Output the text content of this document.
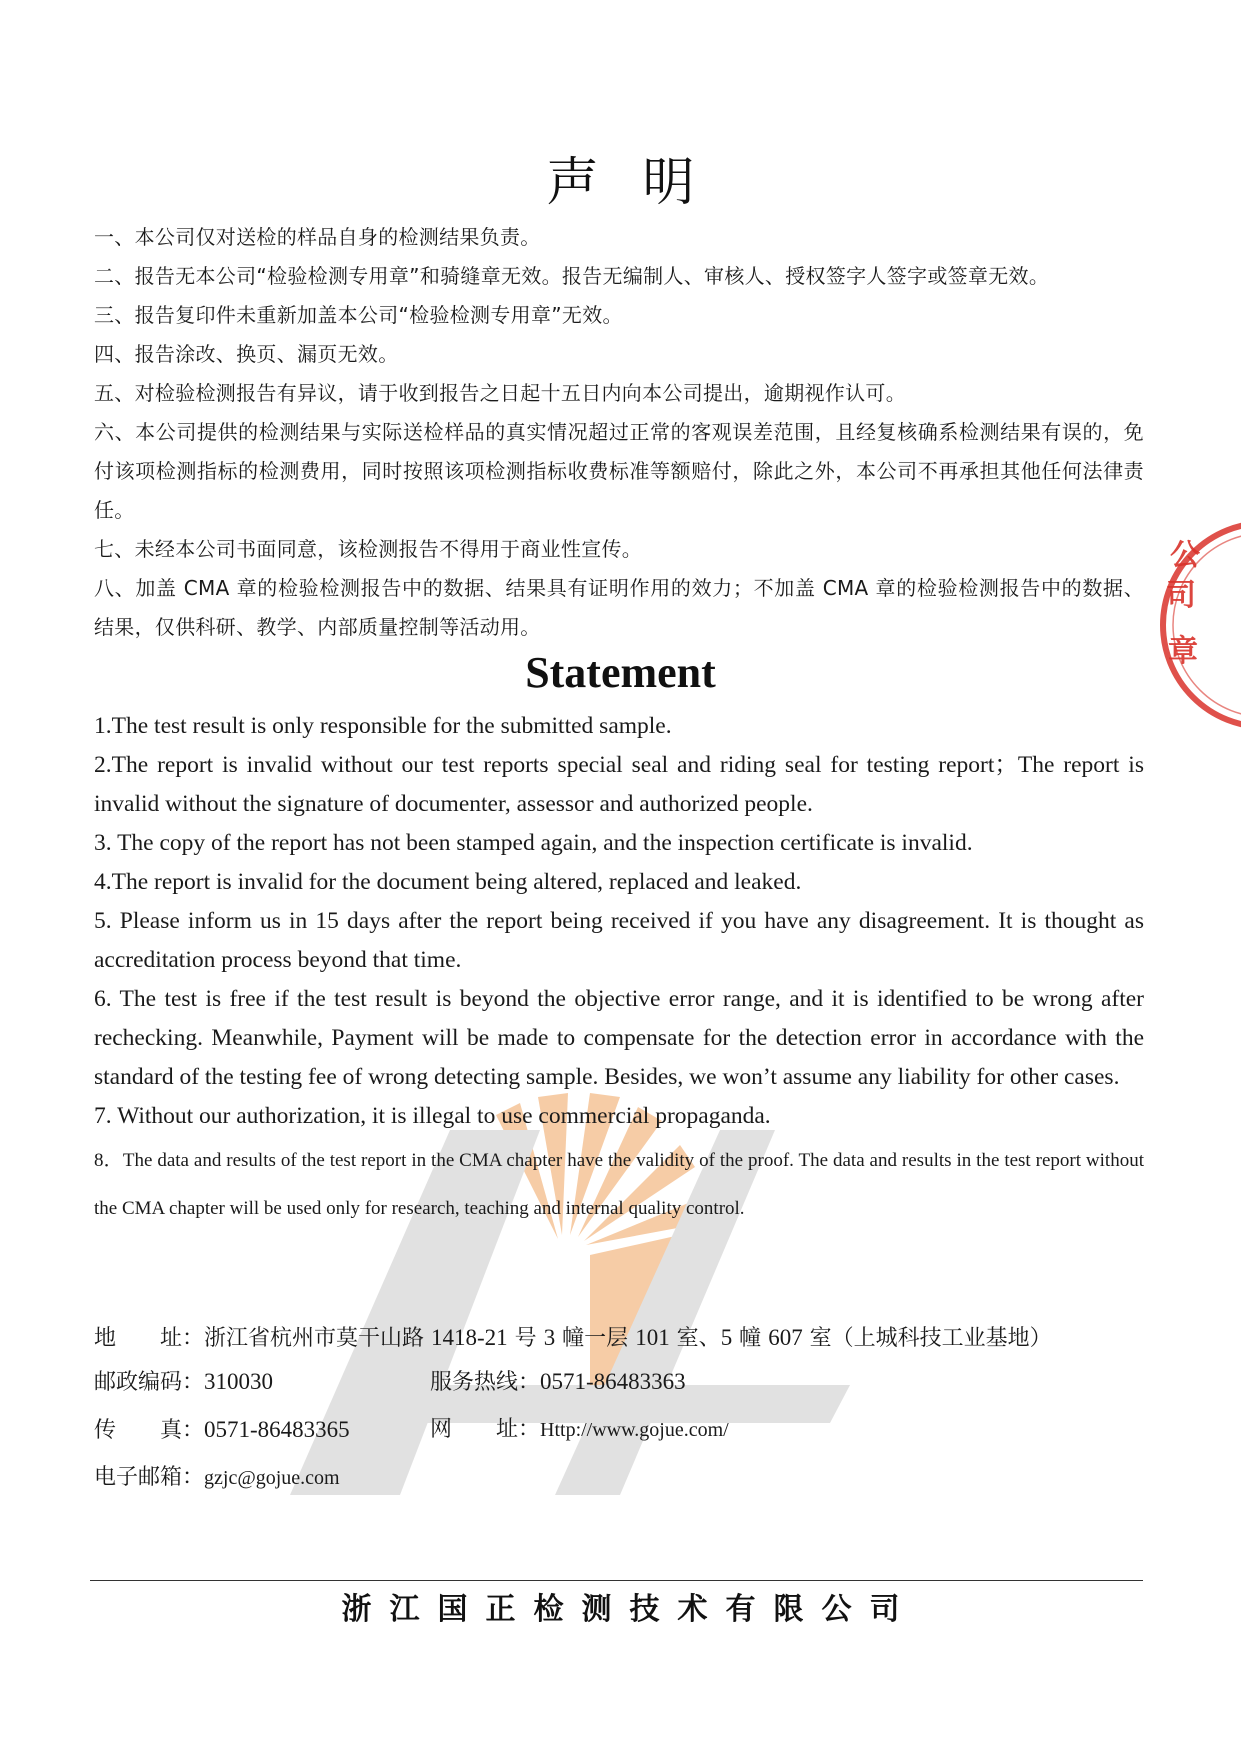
公 司 章
声明

一、本公司仅对送检的样品自身的检测结果负责。

二、报告无本公司“检验检测专用章”和骑缝章无效。报告无编制人、审核人、授权签字人签字或签章无效。

三、报告复印件未重新加盖本公司“检验检测专用章”无效。

四、报告涂改、换页、漏页无效。

五、对检验检测报告有异议，请于收到报告之日起十五日内向本公司提出，逾期视作认可。

六、本公司提供的检测结果与实际送检样品的真实情况超过正常的客观误差范围，且经复核确系检测结果有误的，免付该项检测指标的检测费用，同时按照该项检测指标收费标准等额赔付，除此之外，本公司不再承担其他任何法律责任。

七、未经本公司书面同意，该检测报告不得用于商业性宣传。

八、加盖 CMA 章的检验检测报告中的数据、结果具有证明作用的效力；不加盖 CMA 章的检验检测报告中的数据、结果，仅供科研、教学、内部质量控制等活动用。

Statement

1.The test result is only responsible for the submitted sample.

2.The report is invalid without our test reports special seal and riding seal for testing report；The report is invalid without the signature of documenter, assessor and authorized people.

3. The copy of the report has not been stamped again, and the inspection certificate is invalid.

4.The report is invalid for the document being altered, replaced and leaked.

5. Please inform us in 15 days after the report being received if you have any disagreement. It is thought as accreditation process beyond that time.

6. The test is free if the test result is beyond the objective error range, and it is identified to be wrong after rechecking. Meanwhile, Payment will be made to compensate for the detection error in accordance with the standard of the testing fee of wrong detecting sample. Besides, we won’t assume any liability for other cases.

7. Without our authorization, it is illegal to use commercial propaganda.

8．The data and results of the test report in the CMA chapter have the validity of the proof. The data and results in the test report without the CMA chapter will be used only for research, teaching and internal quality control.

地　　址：浙江省杭州市莫干山路 1418-21 号 3 幢一层 101 室、5 幢 607 室（上城科技工业基地）
邮政编码：310030	服务热线：0571-86483363
传　　真：0571-86483365	网　　址：Http://www.gojue.com/
电子邮箱：gzjc@gojue.com
浙江国正检测技术有限公司
